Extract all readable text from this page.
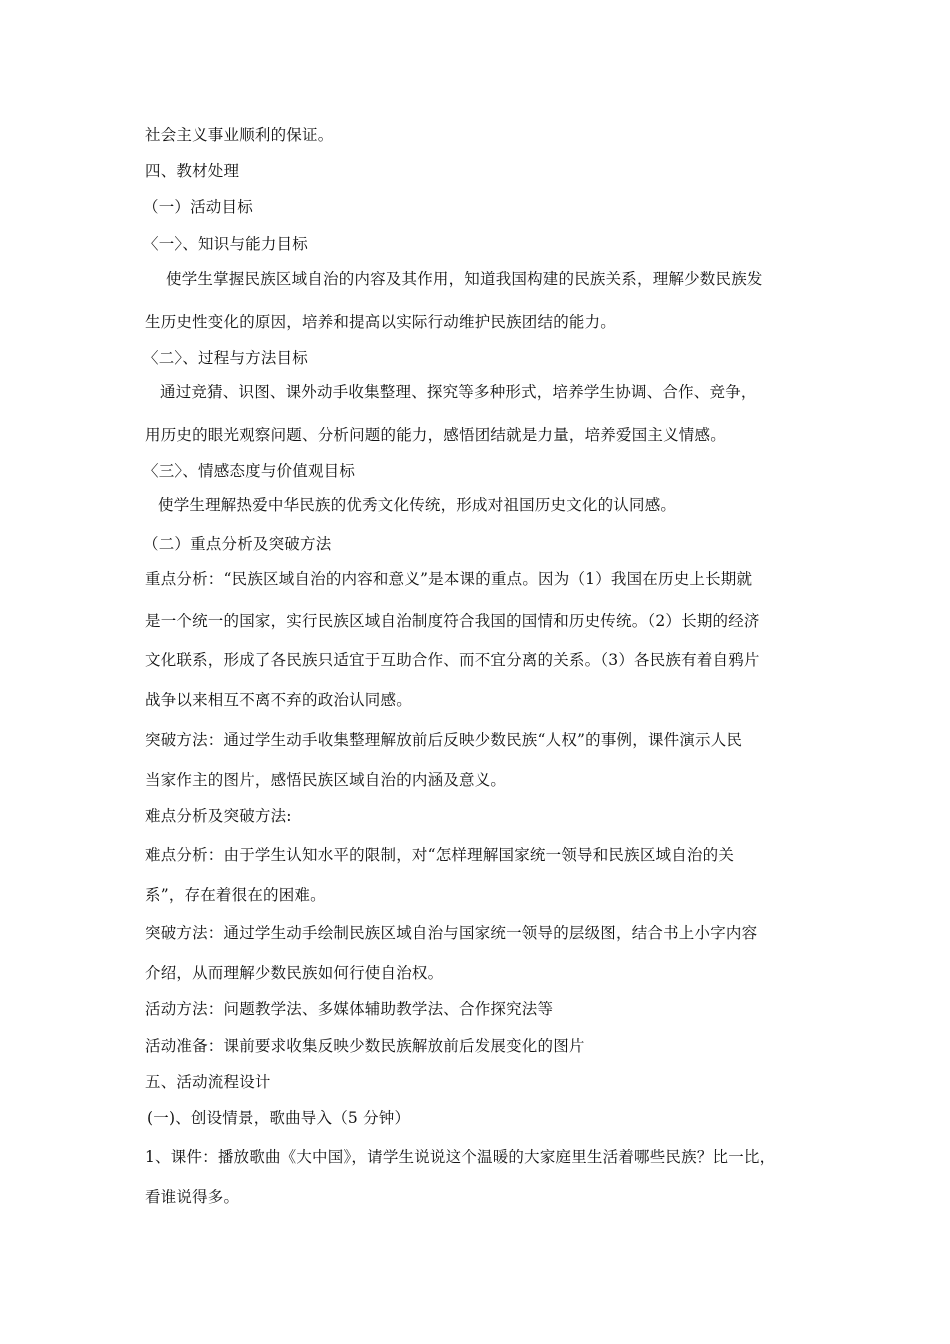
社会主义事业顺利的保证。
四、教材处理
（一）活动目标
〈一〉、知识与能力目标
使学生掌握民族区域自治的内容及其作用，知道我国构建的民族关系，理解少数民族发
生历史性变化的原因，培养和提高以实际行动维护民族团结的能力。
〈二〉、过程与方法目标
通过竞猜、识图、课外动手收集整理、探究等多种形式，培养学生协调、合作、竞争，
用历史的眼光观察问题、分析问题的能力，感悟团结就是力量，培养爱国主义情感。
〈三〉、情感态度与价值观目标
使学生理解热爱中华民族的优秀文化传统，形成对祖国历史文化的认同感。
（二）重点分析及突破方法
重点分析：“民族区域自治的内容和意义”是本课的重点。因为（1）我国在历史上长期就
是一个统一的国家，实行民族区域自治制度符合我国的国情和历史传统。（2）长期的经济
文化联系，形成了各民族只适宜于互助合作、而不宜分离的关系。（3）各民族有着自鸦片
战争以来相互不离不弃的政治认同感。
突破方法：通过学生动手收集整理解放前后反映少数民族“人权”的事例，课件演示人民
当家作主的图片，感悟民族区域自治的内涵及意义。
难点分析及突破方法:
难点分析：由于学生认知水平的限制，对“怎样理解国家统一领导和民族区域自治的关
系”，存在着很在的困难。
突破方法：通过学生动手绘制民族区域自治与国家统一领导的层级图，结合书上小字内容
介绍，从而理解少数民族如何行使自治权。
活动方法：问题教学法、多媒体辅助教学法、合作探究法等
活动准备：课前要求收集反映少数民族解放前后发展变化的图片
五、活动流程设计
(一)、创设情景，歌曲导入（5 分钟）
1、课件：播放歌曲《大中国》，请学生说说这个温暖的大家庭里生活着哪些民族？比一比，
看谁说得多。
